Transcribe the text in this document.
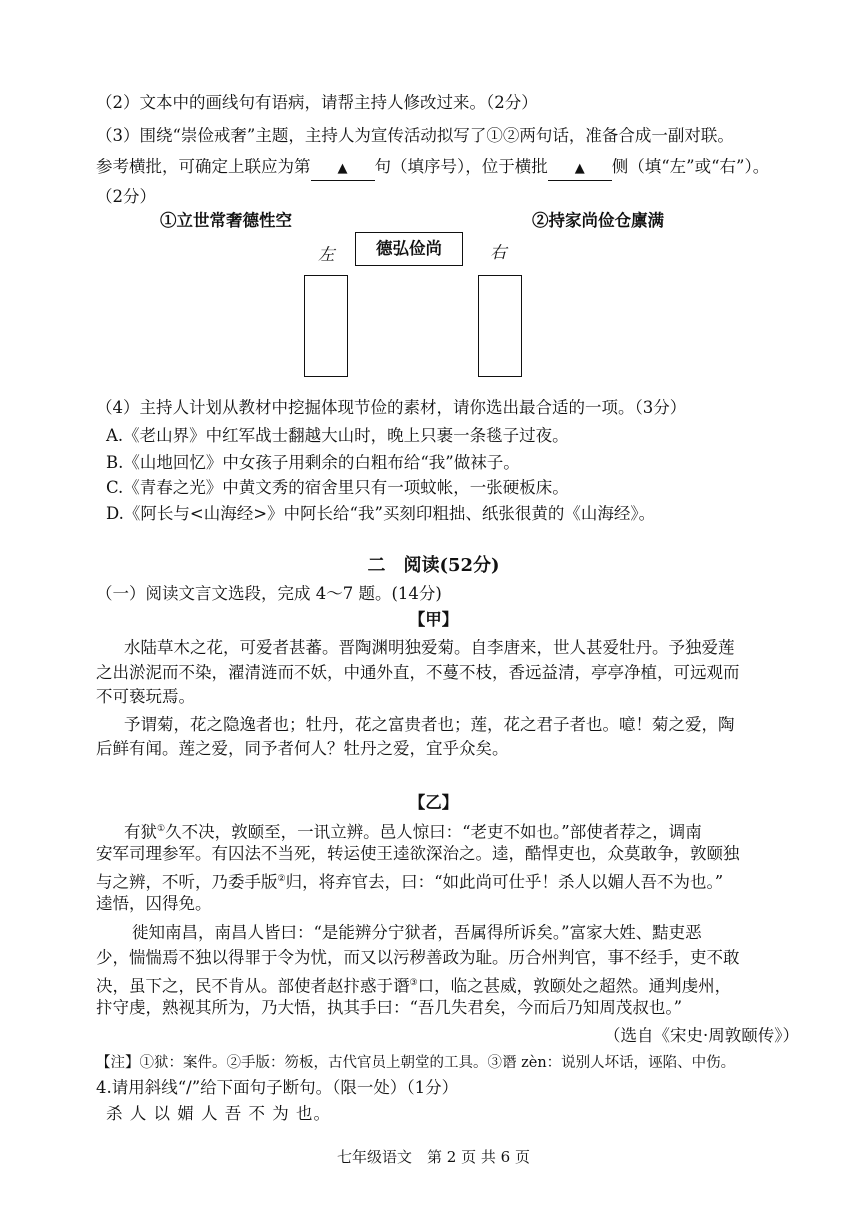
（2）文本中的画线句有语病，请帮主持人修改过来。（2分）
（3）围绕“崇俭戒奢”主题，主持人为宣传活动拟写了①②两句话，准备合成一副对联。
参考横批，可确定上联应为第 ▲ 句（填序号），位于横批 ▲ 侧（填“左”或“右”）。
（2分）
①立世常奢德性空	②持家尚俭仓廪满
左	右
德弘俭尚
（4）主持人计划从教材中挖掘体现节俭的素材，请你选出最合适的一项。（3分）
A.《老山界》中红军战士翻越大山时，晚上只裹一条毯子过夜。
B.《山地回忆》中女孩子用剩余的白粗布给“我”做袜子。
C.《青春之光》中黄文秀的宿舍里只有一项蚊帐，一张硬板床。
D.《阿长与<山海经>》中阿长给“我”买刻印粗拙、纸张很黄的《山海经》。
二　阅读(52分)
（一）阅读文言文选段，完成 4～7 题。(14分)
【甲】
水陆草木之花，可爱者甚蕃。晋陶渊明独爱菊。自李唐来，世人甚爱牡丹。予独爱莲
之出淤泥而不染，濯清涟而不妖，中通外直，不蔓不枝，香远益清，亭亭净植，可远观而
不可亵玩焉。
予谓菊，花之隐逸者也；牡丹，花之富贵者也；莲，花之君子者也。噫！菊之爱，陶
后鲜有闻。莲之爱，同予者何人？牡丹之爱，宜乎众矣。
【乙】
有狱①久不决，敦颐至，一讯立辨。邑人惊曰：“老吏不如也。”部使者荐之，调南
安军司理参军。有囚法不当死，转运使王逵欲深治之。逵，酷悍吏也，众莫敢争，敦颐独
与之辨，不听，乃委手版②归，将弃官去，曰：“如此尚可仕乎！杀人以媚人吾不为也。”
逵悟，囚得免。
徙知南昌，南昌人皆曰：“是能辨分宁狱者，吾属得所诉矣。”富家大姓、黠吏恶
少，惴惴焉不独以得罪于令为忧，而又以污秽善政为耻。历合州判官，事不经手，吏不敢
决，虽下之，民不肯从。部使者赵抃惑于谮③口，临之甚威，敦颐处之超然。通判虔州，
抃守虔，熟视其所为，乃大悟，执其手曰：“吾几失君矣，今而后乃知周茂叔也。”
（选自《宋史·周敦颐传》）
【注】①狱：案件。②手版：笏板，古代官员上朝堂的工具。③谮 zèn：说别人坏话，诬陷、中伤。
4.请用斜线“/”给下面句子断句。（限一处）（1分）
杀 人 以 媚 人 吾 不 为 也。
七年级语文　第 2 页 共 6 页
